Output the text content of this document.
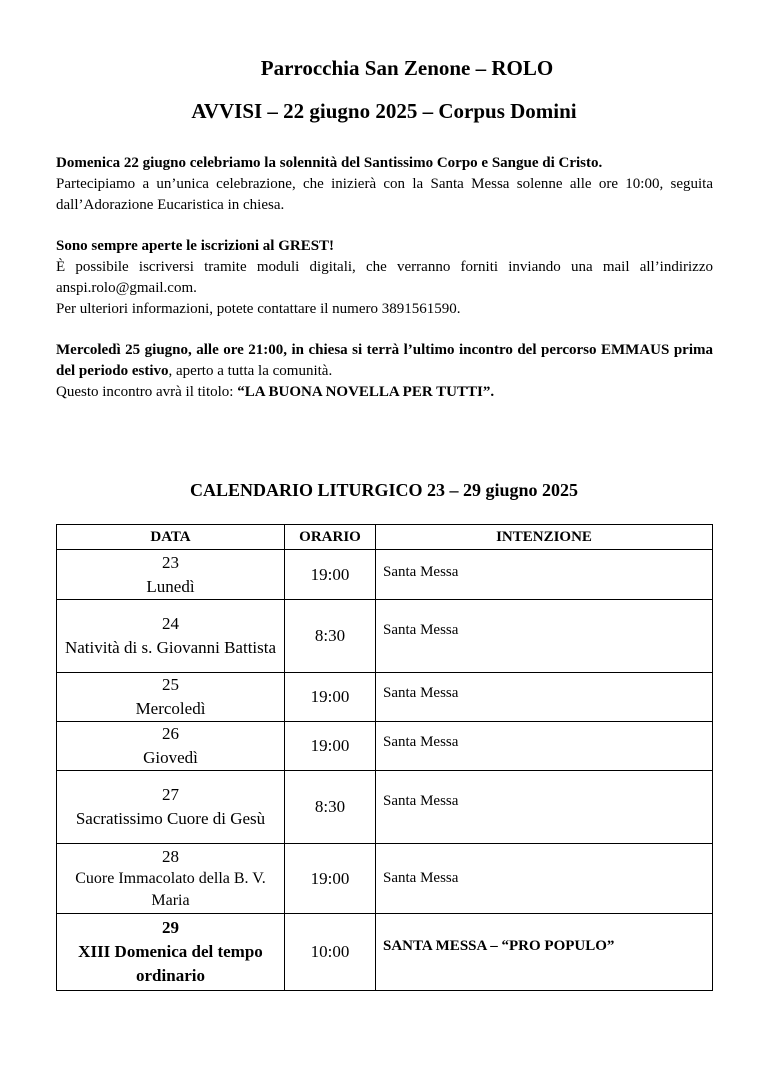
Parrocchia San Zenone – ROLO
AVVISI – 22 giugno 2025 – Corpus Domini

Domenica 22 giugno celebriamo la solennità del Santissimo Corpo e Sangue di Cristo.

Partecipiamo a un’unica celebrazione, che inizierà con la Santa Messa solenne alle ore 10:00, seguita dall’Adorazione Eucaristica in chiesa.

Sono sempre aperte le iscrizioni al GREST!

È possibile iscriversi tramite moduli digitali, che verranno forniti inviando una mail all’indirizzo anspi.rolo@gmail.com.

Per ulteriori informazioni, potete contattare il numero 3891561590.

Mercoledì 25 giugno, alle ore 21:00, in chiesa si terrà l’ultimo incontro del percorso EMMAUS prima del periodo estivo, aperto a tutta la comunità.

Questo incontro avrà il titolo: “LA BUONA NOVELLA PER TUTTI”.

CALENDARIO LITURGICO 23 – 29 giugno 2025
DATA	ORARIO	INTENZIONE

23
Lunedì	19:00	Santa Messa

24
Natività di s. Giovanni Battista	8:30	Santa Messa

25
Mercoledì	19:00	Santa Messa

26
Giovedì	19:00	Santa Messa

27
Sacratissimo Cuore di Gesù	8:30	Santa Messa

28
Cuore Immacolato della B. V. Maria	19:00	Santa Messa

29
XIII Domenica del tempo ordinario	10:00	SANTA MESSA – “PRO POPULO”
